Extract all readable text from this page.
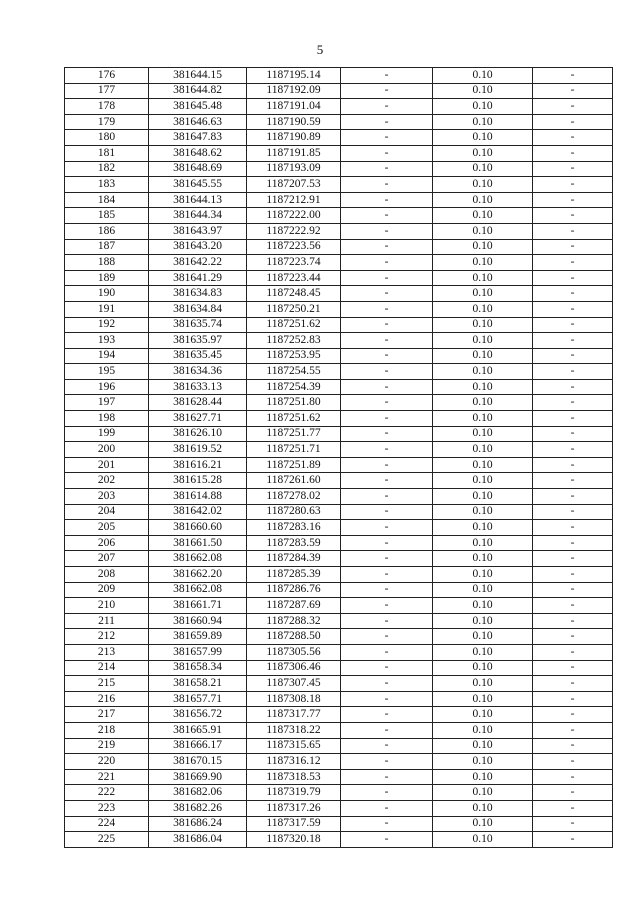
5
176	381644.15	1187195.14	-	0.10	-
177	381644.82	1187192.09	-	0.10	-
178	381645.48	1187191.04	-	0.10	-
179	381646.63	1187190.59	-	0.10	-
180	381647.83	1187190.89	-	0.10	-
181	381648.62	1187191.85	-	0.10	-
182	381648.69	1187193.09	-	0.10	-
183	381645.55	1187207.53	-	0.10	-
184	381644.13	1187212.91	-	0.10	-
185	381644.34	1187222.00	-	0.10	-
186	381643.97	1187222.92	-	0.10	-
187	381643.20	1187223.56	-	0.10	-
188	381642.22	1187223.74	-	0.10	-
189	381641.29	1187223.44	-	0.10	-
190	381634.83	1187248.45	-	0.10	-
191	381634.84	1187250.21	-	0.10	-
192	381635.74	1187251.62	-	0.10	-
193	381635.97	1187252.83	-	0.10	-
194	381635.45	1187253.95	-	0.10	-
195	381634.36	1187254.55	-	0.10	-
196	381633.13	1187254.39	-	0.10	-
197	381628.44	1187251.80	-	0.10	-
198	381627.71	1187251.62	-	0.10	-
199	381626.10	1187251.77	-	0.10	-
200	381619.52	1187251.71	-	0.10	-
201	381616.21	1187251.89	-	0.10	-
202	381615.28	1187261.60	-	0.10	-
203	381614.88	1187278.02	-	0.10	-
204	381642.02	1187280.63	-	0.10	-
205	381660.60	1187283.16	-	0.10	-
206	381661.50	1187283.59	-	0.10	-
207	381662.08	1187284.39	-	0.10	-
208	381662.20	1187285.39	-	0.10	-
209	381662.08	1187286.76	-	0.10	-
210	381661.71	1187287.69	-	0.10	-
211	381660.94	1187288.32	-	0.10	-
212	381659.89	1187288.50	-	0.10	-
213	381657.99	1187305.56	-	0.10	-
214	381658.34	1187306.46	-	0.10	-
215	381658.21	1187307.45	-	0.10	-
216	381657.71	1187308.18	-	0.10	-
217	381656.72	1187317.77	-	0.10	-
218	381665.91	1187318.22	-	0.10	-
219	381666.17	1187315.65	-	0.10	-
220	381670.15	1187316.12	-	0.10	-
221	381669.90	1187318.53	-	0.10	-
222	381682.06	1187319.79	-	0.10	-
223	381682.26	1187317.26	-	0.10	-
224	381686.24	1187317.59	-	0.10	-
225	381686.04	1187320.18	-	0.10	-
